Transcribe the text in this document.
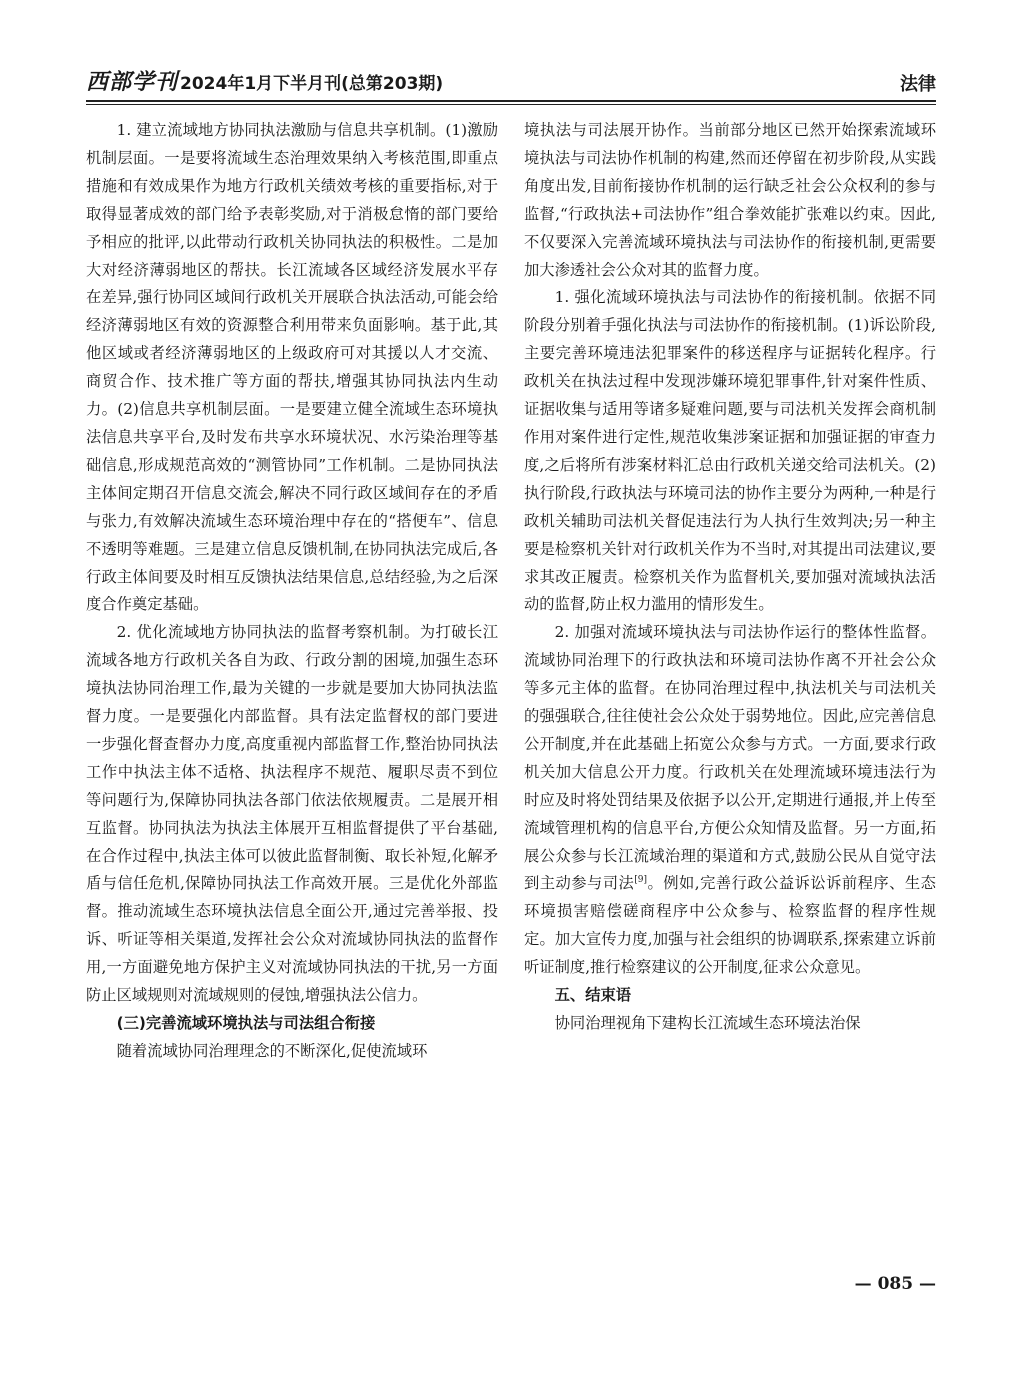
西部学刊 2024年1月下半月刊(总第203期)	法律

1. 建立流域地方协同执法激励与信息共享机制。(1)激励机制层面。一是要将流域生态治理效果纳入考核范围,即重点措施和有效成果作为地方行政机关绩效考核的重要指标,对于取得显著成效的部门给予表彰奖励,对于消极怠惰的部门要给予相应的批评,以此带动行政机关协同执法的积极性。二是加大对经济薄弱地区的帮扶。长江流域各区域经济发展水平存在差异,强行协同区域间行政机关开展联合执法活动,可能会给经济薄弱地区有效的资源整合利用带来负面影响。基于此,其他区域或者经济薄弱地区的上级政府可对其援以人才交流、商贸合作、技术推广等方面的帮扶,增强其协同执法内生动力。(2)信息共享机制层面。一是要建立健全流域生态环境执法信息共享平台,及时发布共享水环境状况、水污染治理等基础信息,形成规范高效的“测管协同”工作机制。二是协同执法主体间定期召开信息交流会,解决不同行政区域间存在的矛盾与张力,有效解决流域生态环境治理中存在的“搭便车”、信息不透明等难题。三是建立信息反馈机制,在协同执法完成后,各行政主体间要及时相互反馈执法结果信息,总结经验,为之后深度合作奠定基础。

2. 优化流域地方协同执法的监督考察机制。为打破长江流域各地方行政机关各自为政、行政分割的困境,加强生态环境执法协同治理工作,最为关键的一步就是要加大协同执法监督力度。一是要强化内部监督。具有法定监督权的部门要进一步强化督查督办力度,高度重视内部监督工作,整治协同执法工作中执法主体不适格、执法程序不规范、履职尽责不到位等问题行为,保障协同执法各部门依法依规履责。二是展开相互监督。协同执法为执法主体展开互相监督提供了平台基础,在合作过程中,执法主体可以彼此监督制衡、取长补短,化解矛盾与信任危机,保障协同执法工作高效开展。三是优化外部监督。推动流域生态环境执法信息全面公开,通过完善举报、投诉、听证等相关渠道,发挥社会公众对流域协同执法的监督作用,一方面避免地方保护主义对流域协同执法的干扰,另一方面防止区域规则对流域规则的侵蚀,增强执法公信力。

(三)完善流域环境执法与司法组合衔接

随着流域协同治理理念的不断深化,促使流域环

境执法与司法展开协作。当前部分地区已然开始探索流域环境执法与司法协作机制的构建,然而还停留在初步阶段,从实践角度出发,目前衔接协作机制的运行缺乏社会公众权利的参与监督,“行政执法+司法协作”组合拳效能扩张难以约束。因此,不仅要深入完善流域环境执法与司法协作的衔接机制,更需要加大渗透社会公众对其的监督力度。

1. 强化流域环境执法与司法协作的衔接机制。依据不同阶段分别着手强化执法与司法协作的衔接机制。(1)诉讼阶段,主要完善环境违法犯罪案件的移送程序与证据转化程序。行政机关在执法过程中发现涉嫌环境犯罪事件,针对案件性质、证据收集与适用等诸多疑难问题,要与司法机关发挥会商机制作用对案件进行定性,规范收集涉案证据和加强证据的审查力度,之后将所有涉案材料汇总由行政机关递交给司法机关。(2)执行阶段,行政执法与环境司法的协作主要分为两种,一种是行政机关辅助司法机关督促违法行为人执行生效判决;另一种主要是检察机关针对行政机关作为不当时,对其提出司法建议,要求其改正履责。检察机关作为监督机关,要加强对流域执法活动的监督,防止权力滥用的情形发生。

2. 加强对流域环境执法与司法协作运行的整体性监督。流域协同治理下的行政执法和环境司法协作离不开社会公众等多元主体的监督。在协同治理过程中,执法机关与司法机关的强强联合,往往使社会公众处于弱势地位。因此,应完善信息公开制度,并在此基础上拓宽公众参与方式。一方面,要求行政机关加大信息公开力度。行政机关在处理流域环境违法行为时应及时将处罚结果及依据予以公开,定期进行通报,并上传至流域管理机构的信息平台,方便公众知情及监督。另一方面,拓展公众参与长江流域治理的渠道和方式,鼓励公民从自觉守法到主动参与司法[9]。例如,完善行政公益诉讼诉前程序、生态环境损害赔偿磋商程序中公众参与、检察监督的程序性规定。加大宣传力度,加强与社会组织的协调联系,探索建立诉前听证制度,推行检察建议的公开制度,征求公众意见。

五、结束语

协同治理视角下建构长江流域生态环境法治保

— 085 —
